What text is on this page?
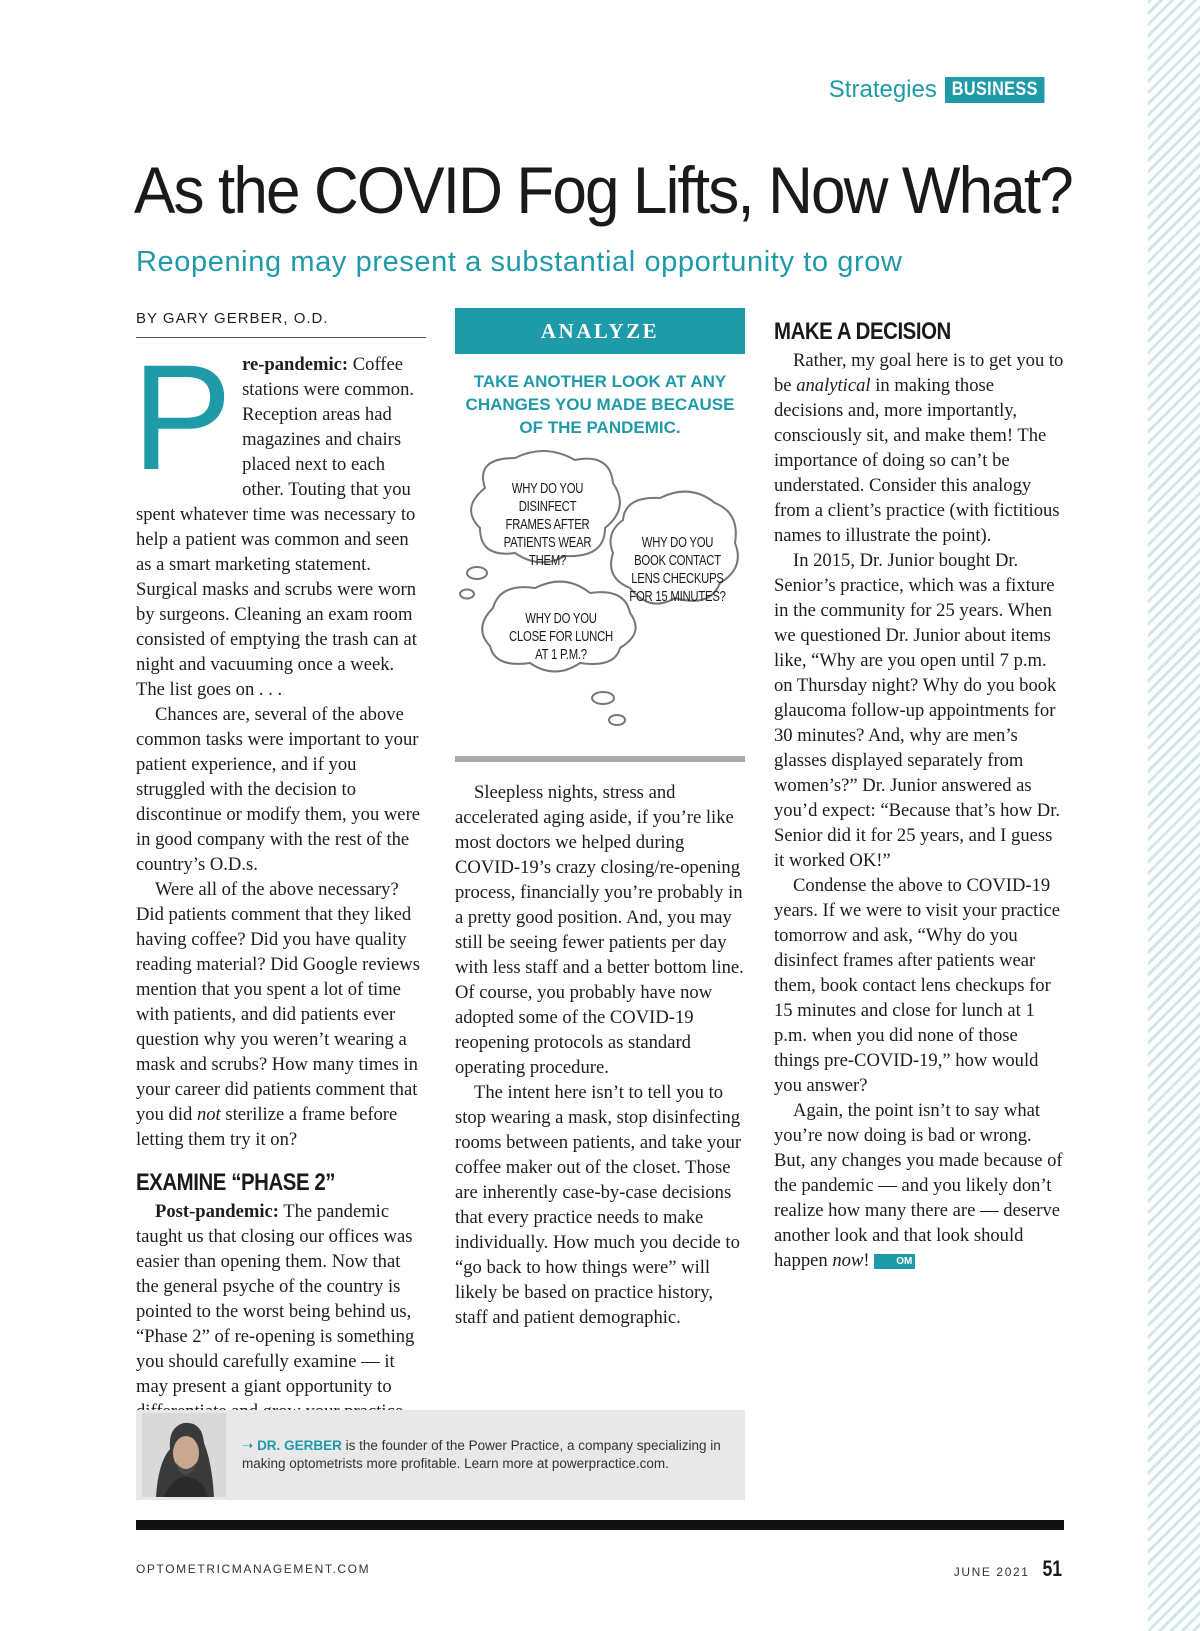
Strategies BUSINESS
As the COVID Fog Lifts, Now What?
Reopening may present a substantial opportunity to grow
BY GARY GERBER, O.D.

Pre-pandemic: Coffee stations were common. Reception areas had magazines and chairs placed next to each other. Touting that you spent whatever time was necessary to help a patient was common and seen as a smart marketing statement. Surgical masks and scrubs were worn by surgeons. Cleaning an exam room consisted of emptying the trash can at night and vacuuming once a week. The list goes on . . .

Chances are, several of the above common tasks were important to your patient experience, and if you struggled with the decision to discontinue or modify them, you were in good company with the rest of the country’s O.D.s.

Were all of the above necessary? Did patients comment that they liked having coffee? Did you have quality reading material? Did Google reviews mention that you spent a lot of time with patients, and did patients ever question why you weren’t wearing a mask and scrubs? How many times in your career did patients comment that you did not sterilize a frame before letting them try it on?

EXAMINE “PHASE 2”

Post-pandemic: The pandemic taught us that closing our offices was easier than opening them. Now that the general psyche of the country is pointed to the worst being behind us, “Phase 2” of re-opening is something you should carefully examine — it may present a giant opportunity to

ANALYZE
TAKE ANOTHER LOOK AT ANY CHANGES YOU MADE BECAUSE OF THE PANDEMIC.
WHY DO YOU DISINFECT FRAMES AFTER PATIENTS WEAR THEM?
WHY DO YOU BOOK CONTACT LENS CHECKUPS FOR 15 MINUTES?
WHY DO YOU CLOSE FOR LUNCH AT 1 P.M.?

Sleepless nights, stress and accelerated aging aside, if you’re like most doctors we helped during COVID-19’s crazy closing/re-opening process, financially you’re probably in a pretty good position. And, you may still be seeing fewer patients per day with less staff and a better bottom line. Of course, you probably have now adopted some of the COVID-19 reopening protocols as standard operating procedure.

The intent here isn’t to tell you to stop wearing a mask, stop disinfecting rooms between patients, and take your coffee maker out of the closet. Those are inherently case-by-case decisions that every practice needs to make individually. How much you decide to “go back to how things were” will likely be based on practice history, staff and patient demographic.

MAKE A DECISION

Rather, my goal here is to get you to be analytical in making those decisions and, more importantly, consciously sit, and make them! The importance of doing so can’t be understated. Consider this analogy from a client’s practice (with fictitious names to illustrate the point).

In 2015, Dr. Junior bought Dr. Senior’s practice, which was a fixture in the community for 25 years. When we questioned Dr. Junior about items like, “Why are you open until 7 p.m. on Thursday night? Why do you book glaucoma follow-up appointments for 30 minutes? And, why are men’s glasses displayed separately from women’s?” Dr. Junior answered as you’d expect: “Because that’s how Dr. Senior did it for 25 years, and I guess it worked OK!”

Condense the above to COVID-19 years. If we were to visit your practice tomorrow and ask, “Why do you disinfect frames after patients wear them, book contact lens checkups for 15 minutes and close for lunch at 1 p.m. when you did none of those things pre-COVID-19,” how would you answer?

Again, the point isn’t to say what you’re now doing is bad or wrong. But, any changes you made because of the pandemic — and you likely don’t realize how many there are — deserve another look and that look should happen now!	OM

➝ DR. GERBER is the founder of the Power Practice, a company specializing in making optometrists more profitable. Learn more at powerpractice.com.
OPTOMETRICMANAGEMENT.COM	JUNE 2021 51
